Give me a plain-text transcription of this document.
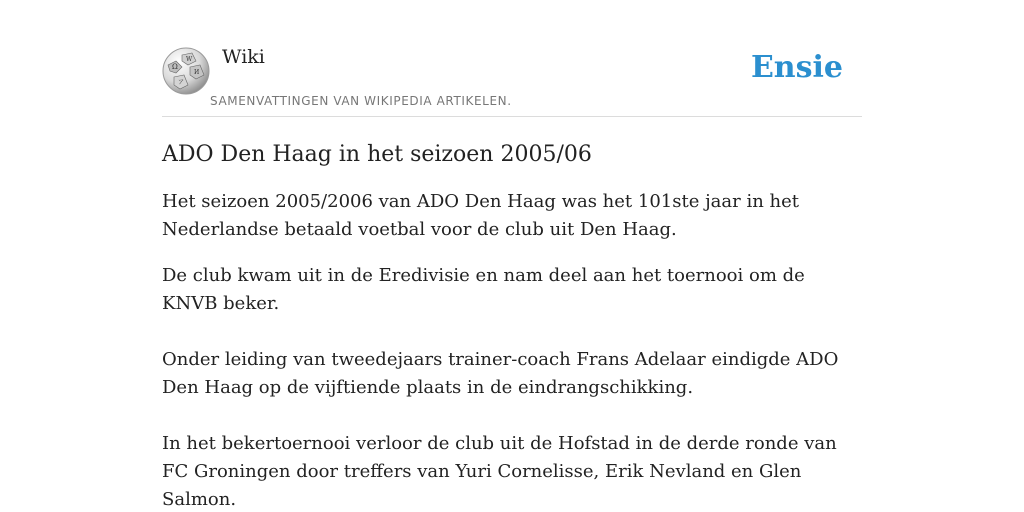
Ω
W
И
ア
Wiki
SAMENVATTINGEN VAN WIKIPEDIA ARTIKELEN.
Ensie
ADO Den Haag in het seizoen 2005/06

Het seizoen 2005/2006 van ADO Den Haag was het 101ste jaar in het Nederlandse betaald voetbal voor de club uit Den Haag.

De club kwam uit in de Eredivisie en nam deel aan het toernooi om de KNVB beker.

Onder leiding van tweedejaars trainer-coach Frans Adelaar eindigde ADO Den Haag op de vijftiende plaats in de eindrangschikking.

In het bekertoernooi verloor de club uit de Hofstad in de derde ronde van FC Groningen door treffers van Yuri Cornelisse, Erik Nevland en Glen Salmon.
